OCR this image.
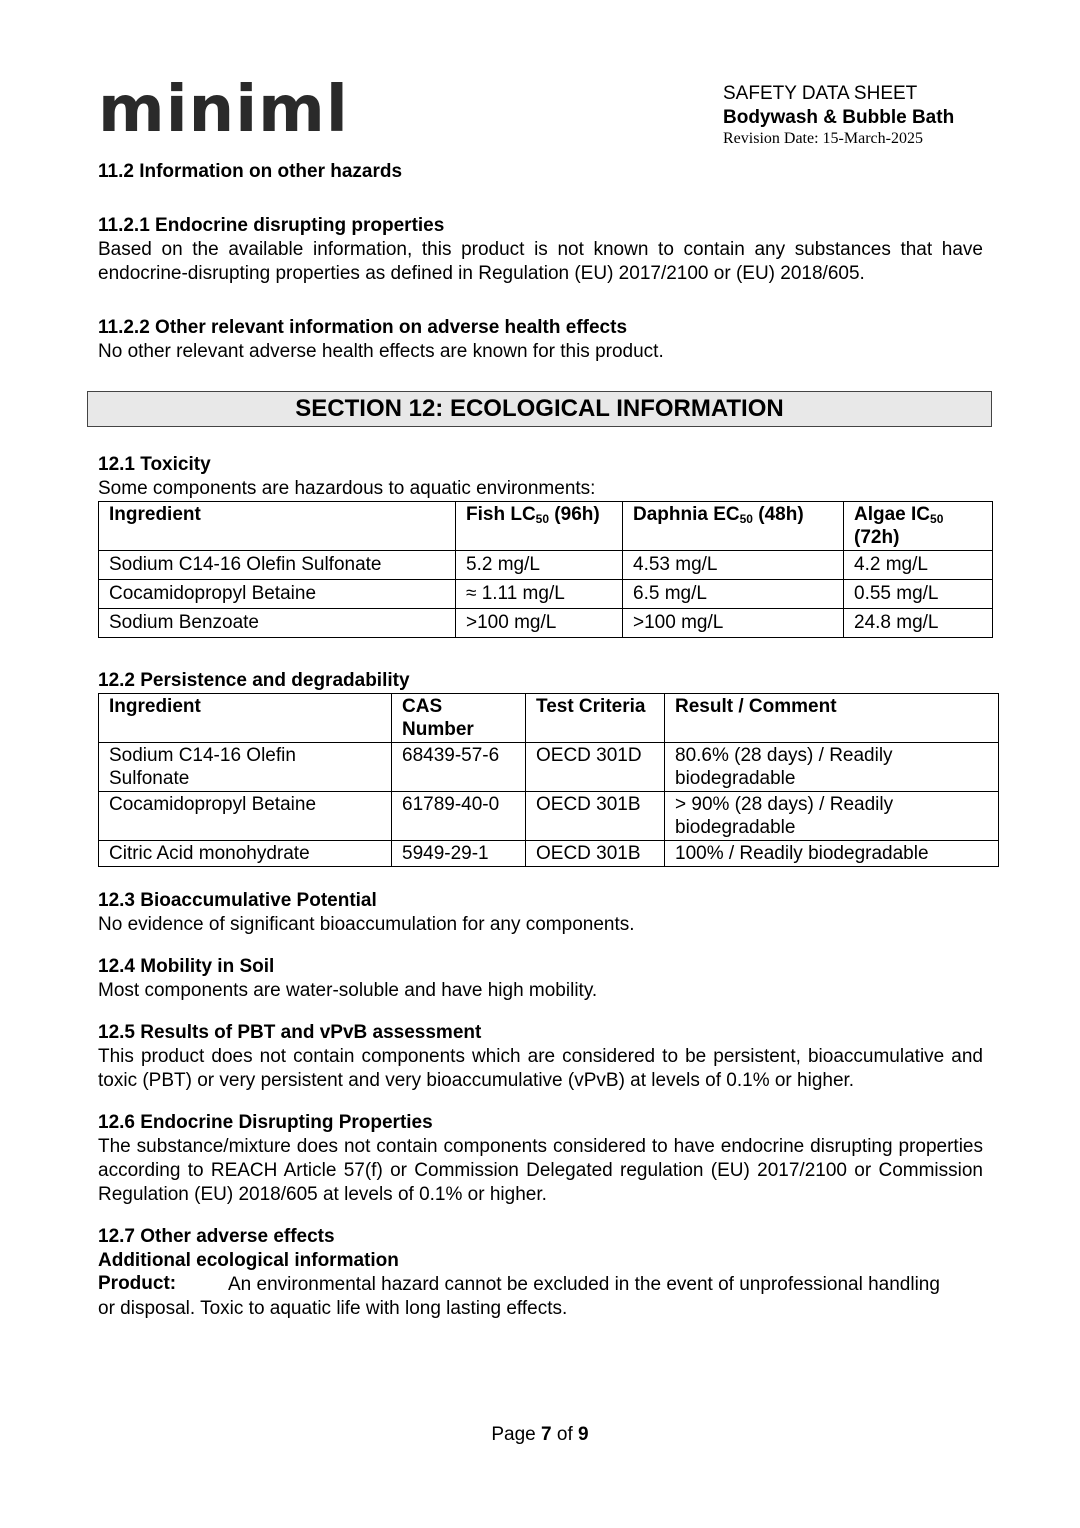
miniml	SAFETY DATA SHEET
Bodywash & Bubble Bath
Revision Date: 15-March-2025
11.2 Information on other hazards
11.2.1 Endocrine disrupting properties

Based on the available information, this product is not known to contain any substances that have endocrine-disrupting properties as defined in Regulation (EU) 2017/2100 or (EU) 2018/605.

11.2.2 Other relevant information on adverse health effects

No other relevant adverse health effects are known for this product.

SECTION 12: ECOLOGICAL INFORMATION
12.1 Toxicity

Some components are hazardous to aquatic environments:

Ingredient	Fish $LC_{50}$ (96h)	Daphnia $EC_{50}$ (48h)	Algae $IC_{50}$
(72h)
Sodium C14-16 Olefin Sulfonate	5.2 mg/L	4.53 mg/L	4.2 mg/L
Cocamidopropyl Betaine	≈ 1.11 mg/L	6.5 mg/L	0.55 mg/L
Sodium Benzoate	>100 mg/L	>100 mg/L	24.8 mg/L
12.2 Persistence and degradability
Ingredient	CAS Number	Test Criteria	Result / Comment
Sodium C14-16 Olefin Sulfonate	68439-57-6	OECD 301D	80.6% (28 days) / Readily biodegradable
Cocamidopropyl Betaine	61789-40-0	OECD 301B	> 90% (28 days) / Readily biodegradable
Citric Acid monohydrate	5949-29-1	OECD 301B	100% / Readily biodegradable
12.3 Bioaccumulative Potential

No evidence of significant bioaccumulation for any components.

12.4 Mobility in Soil

Most components are water-soluble and have high mobility.

12.5 Results of PBT and vPvB assessment

This product does not contain components which are considered to be persistent, bioaccumulative and toxic (PBT) or very persistent and very bioaccumulative (vPvB) at levels of 0.1% or higher.

12.6 Endocrine Disrupting Properties

The substance/mixture does not contain components considered to have endocrine disrupting properties according to REACH Article 57(f) or Commission Delegated regulation (EU) 2017/2100 or Commission Regulation (EU) 2018/605 at levels of 0.1% or higher.

12.7 Other adverse effects
Additional ecological information
Product:	An environmental hazard cannot be excluded in the event of unprofessional handling

or disposal. Toxic to aquatic life with long lasting effects.

Page 7 of 9
